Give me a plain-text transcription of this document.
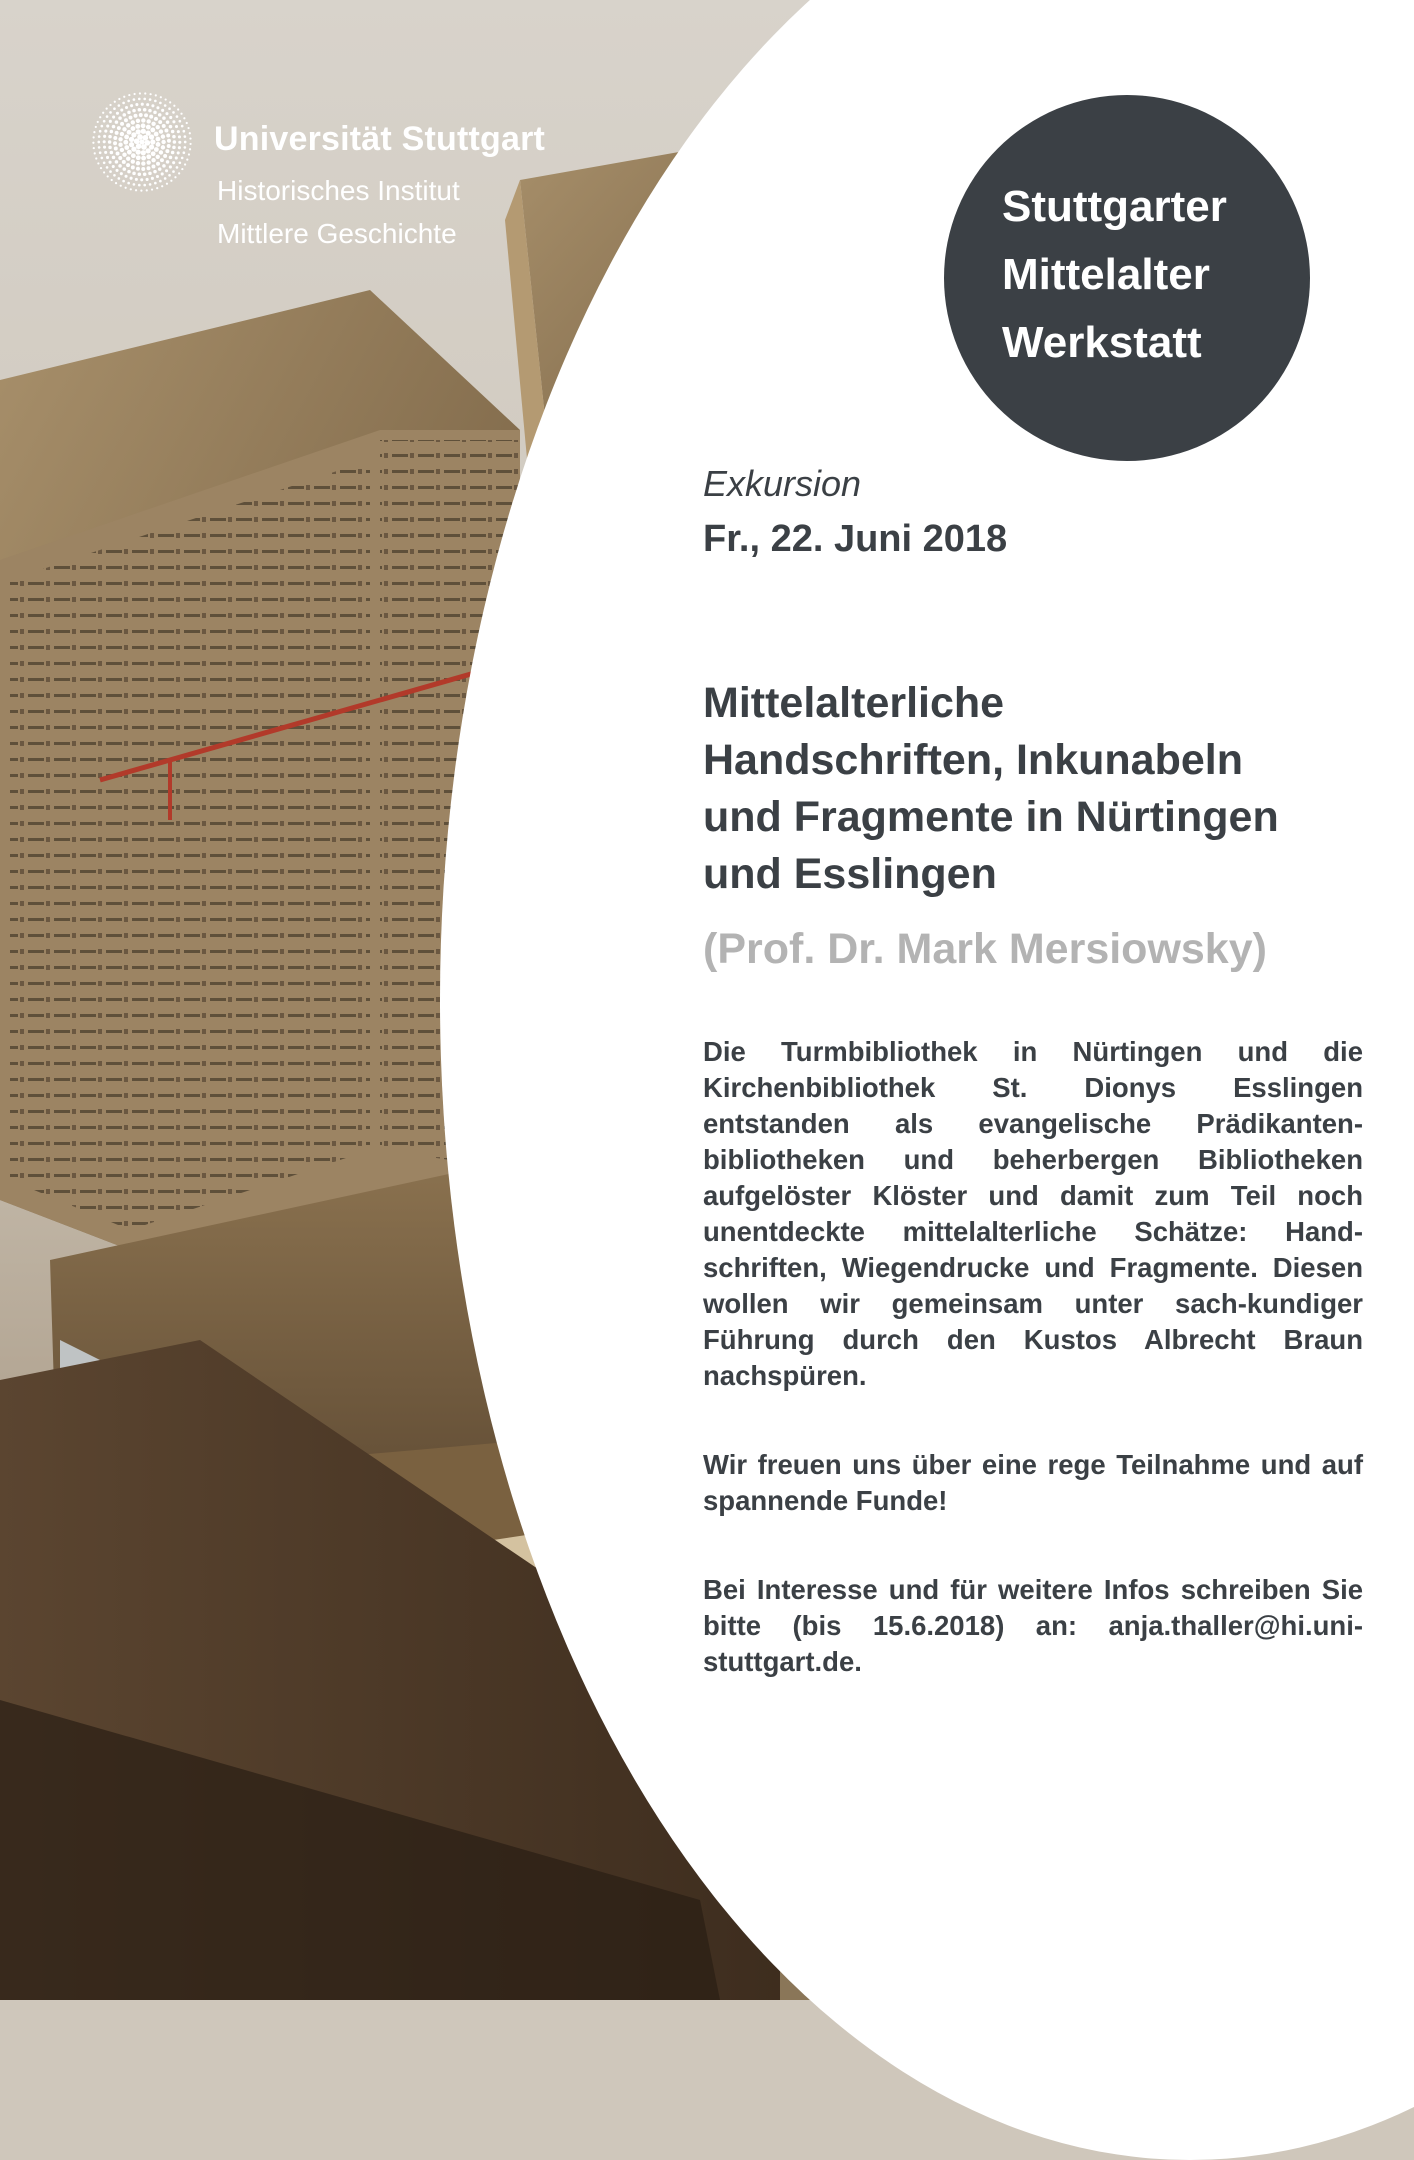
Universität Stuttgart
Historisches Institut
Mittlere Geschichte
Stuttgarter
Mittelalter
Werkstatt
Exkursion
Fr., 22. Juni 2018
Mittelalterliche
Handschriften, Inkunabeln
und Fragmente in Nürtingen
und Esslingen
(Prof. Dr. Mark Mersiowsky)
Die Turmbibliothek in Nürtingen und die Kirchenbibliothek St. Dionys Esslingen entstanden als evangelische Prädikanten-bibliotheken und beherbergen Bibliotheken aufgelöster Klöster und damit zum Teil noch unentdeckte mittelalterliche Schätze: Hand-schriften, Wiegendrucke und Fragmente. Diesen wollen wir gemeinsam unter sach-kundiger Führung durch den Kustos Albrecht Braun nachspüren.
Wir freuen uns über eine rege Teilnahme und auf spannende Funde!
Bei Interesse und für weitere Infos schreiben Sie bitte (bis 15.6.2018) an: anja.thaller@hi.uni-stuttgart.de.
